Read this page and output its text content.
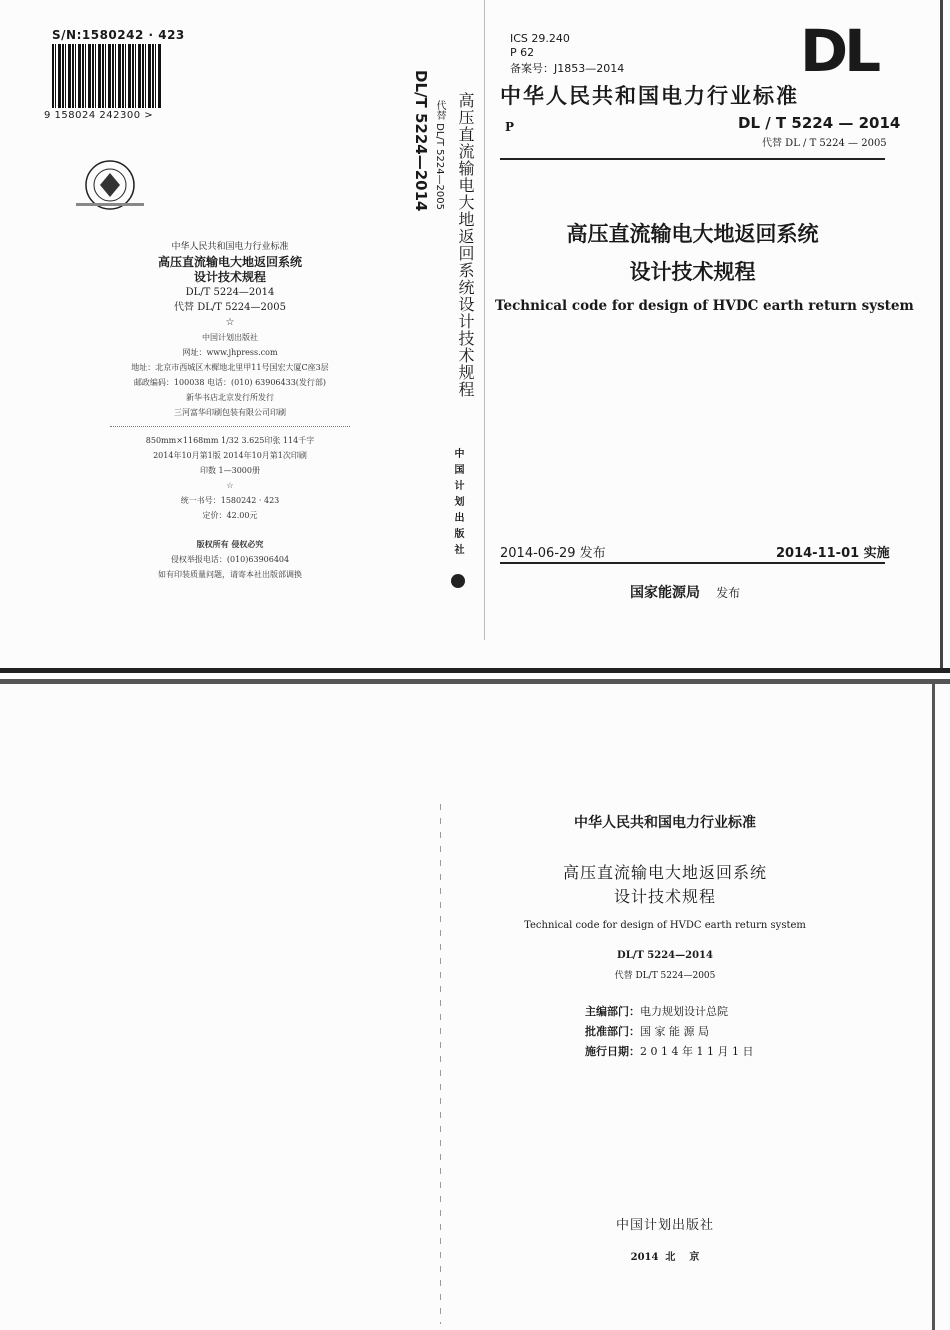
S/N:1580242 · 423
9 158024 242300 >
中华人民共和国电力行业标准
高压直流输电大地返回系统
设计技术规程
DL/T 5224—2014
代替 DL/T 5224—2005
☆
中国计划出版社
网址：www.jhpress.com
地址：北京市西城区木樨地北里甲11号国宏大厦C座3层
邮政编码：100038 电话：(010) 63906433(发行部)
新华书店北京发行所发行
三河富华印刷包装有限公司印刷
850mm×1168mm 1/32 3.625印张 114千字
2014年10月第1版 2014年10月第1次印刷
印数 1—3000册
☆
统一书号：1580242 · 423
定价：42.00元
版权所有 侵权必究
侵权举报电话：(010)63906404
如有印装质量问题，请寄本社出版部调换
DL/T 5224—2014 代替 DL/T 5224—2005 高压直流输电大地返回系统设计技术规程
中国计划出版社
ICS 29.240
P 62
备案号：J1853—2014	DL
中华人民共和国电力行业标准
P	DL / T 5224 — 2014
代替 DL / T 5224 — 2005
高压直流输电大地返回系统
设计技术规程
Technical code for design of HVDC earth return system
2014-06-29 发布	2014-11-01 实施
国家能源局 发布
中华人民共和国电力行业标准
高压直流输电大地返回系统
设计技术规程
Technical code for design of HVDC earth return system
DL/T 5224—2014
代替 DL/T 5224—2005
主编部门：电力规划设计总院
批准部门：国 家 能 源 局
施行日期：2 0 1 4 年 1 1 月 1 日
中国计划出版社
2014  北    京
